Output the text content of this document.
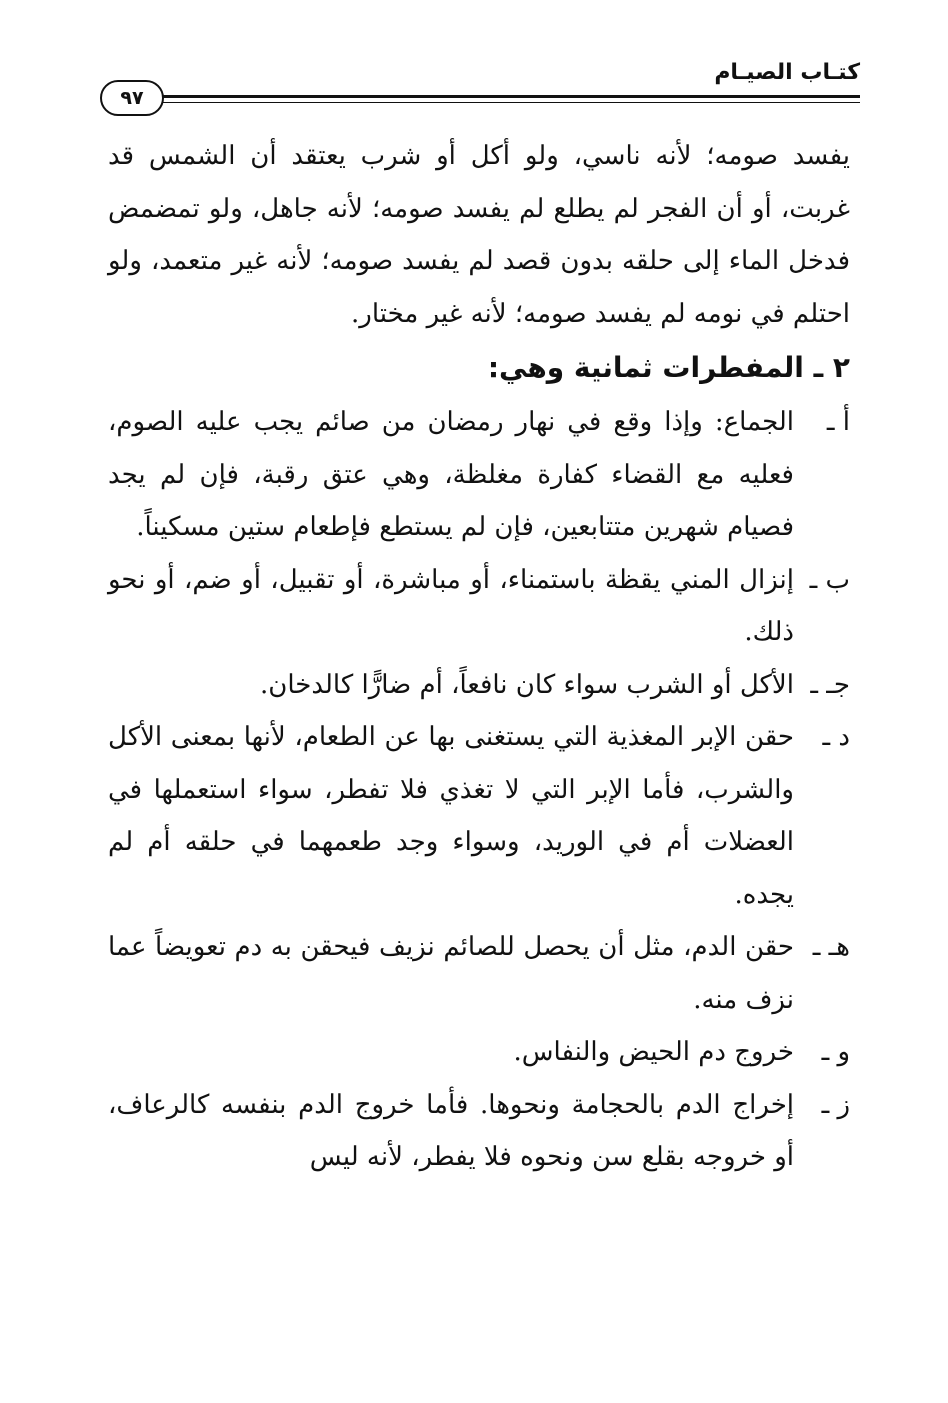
كتـاب الصيـام
٩٧

يفسد صومه؛ لأنه ناسي، ولو أكل أو شرب يعتقد أن الشمس قد غربت، أو أن الفجر لم يطلع لم يفسد صومه؛ لأنه جاهل، ولو تمضمض فدخل الماء إلى حلقه بدون قصد لم يفسد صومه؛ لأنه غير متعمد، ولو احتلم في نومه لم يفسد صومه؛ لأنه غير مختار.

٢ ـ المفطرات ثمانية وهي:

أ ـ
الجماع: وإذا وقع في نهار رمضان من صائم يجب عليه الصوم، فعليه مع القضاء كفارة مغلظة، وهي عتق رقبة، فإن لم يجد فصيام شهرين متتابعين، فإن لم يستطع فإطعام ستين مسكيناً.
ب ـ
إنزال المني يقظة باستمناء، أو مباشرة، أو تقبيل، أو ضم، أو نحو ذلك.
جـ ـ
الأكل أو الشرب سواء كان نافعاً، أم ضارًّا كالدخان.
د ـ
حقن الإبر المغذية التي يستغنى بها عن الطعام، لأنها بمعنى الأكل والشرب، فأما الإبر التي لا تغذي فلا تفطر، سواء استعملها في العضلات أم في الوريد، وسواء وجد طعمهما في حلقه أم لم يجده.
هـ ـ
حقن الدم، مثل أن يحصل للصائم نزيف فيحقن به دم تعويضاً عما نزف منه.
و ـ
خروج دم الحيض والنفاس.
ز ـ
إخراج الدم بالحجامة ونحوها. فأما خروج الدم بنفسه كالرعاف، أو خروجه بقلع سن ونحوه فلا يفطر، لأنه ليس
